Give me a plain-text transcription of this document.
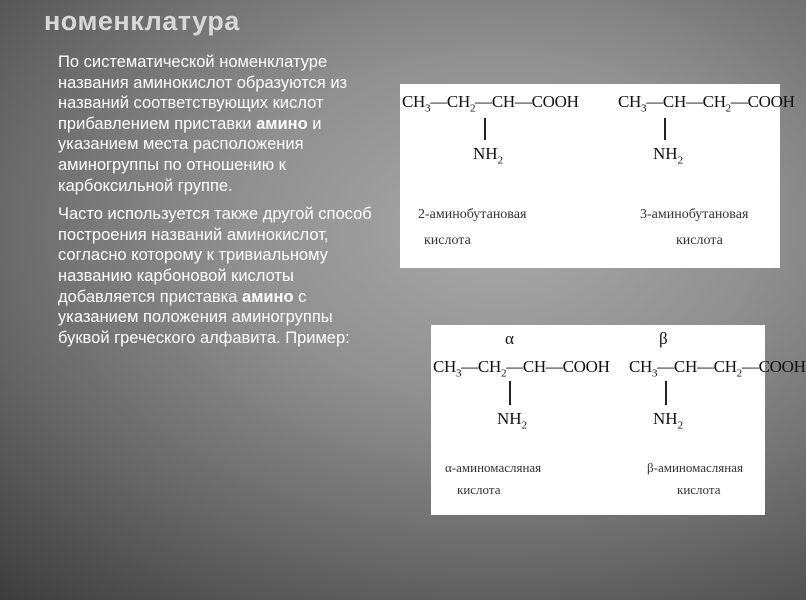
номенклатура
По систематической номенклатуре названия аминокислот образуются из названий соответствующих кислот прибавлением приставки амино и указанием места расположения аминогруппы по отношению к карбоксильной группе.
Часто используется также другой способ построения названий аминокислот, согласно которому к тривиальному названию карбоновой кислоты добавляется приставка амино с указанием положения аминогруппы буквой греческого алфавита. Пример:
$CH_3—CH_2—CH—COOH$
$NH_2$
2-аминобутановая
кислота
$CH_3—CH—CH_2—COOH$
$NH_2$
3-аминобутановая
кислота
α
$CH_3—CH_2—CH—COOH$
$NH_2$
α-аминомасляная
кислота
β
$CH_3—CH—CH_2—COOH$
$NH_2$
β-аминомасляная
кислота
